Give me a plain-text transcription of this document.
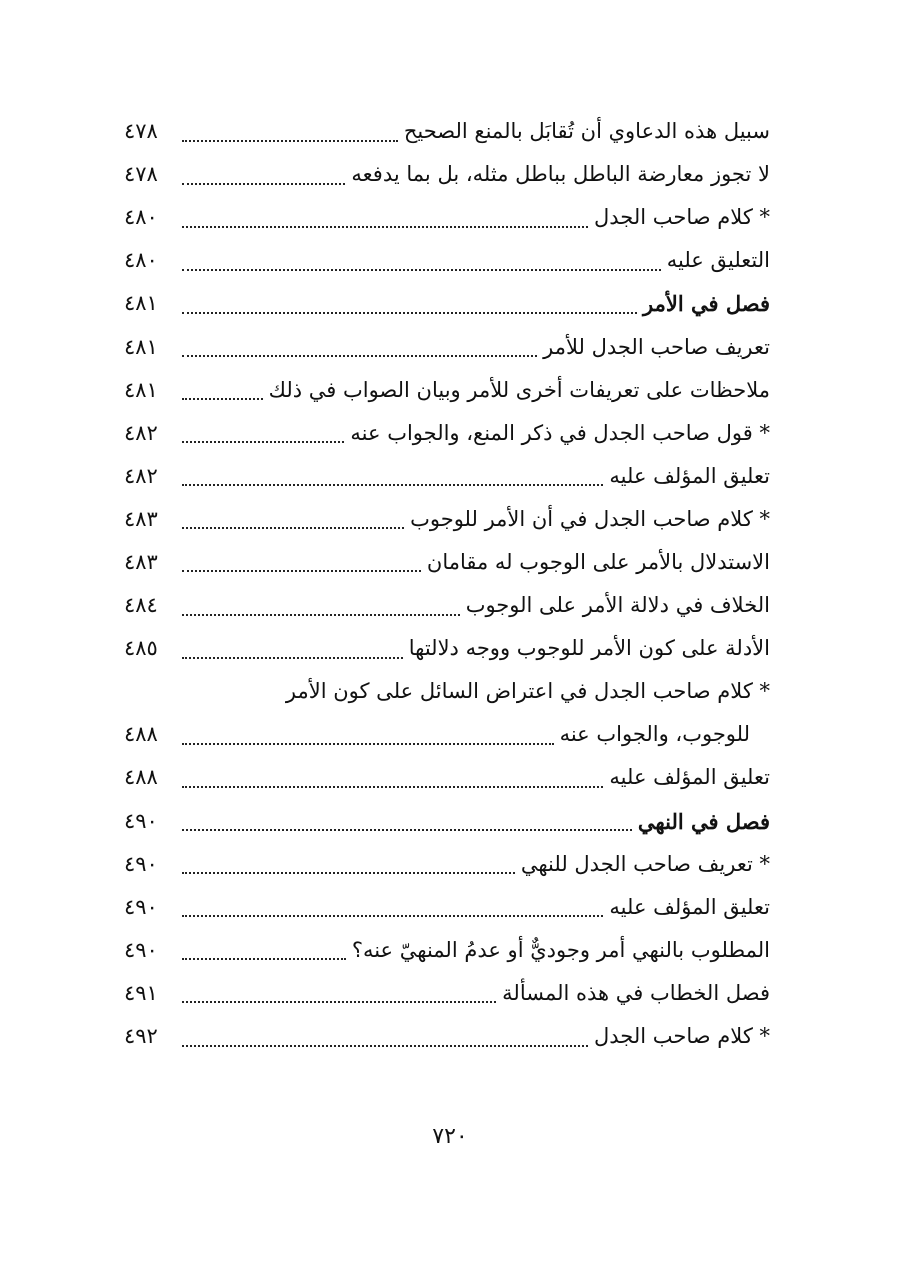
سبيل هذه الدعاوي أن تُقابَل بالمنع الصحيح
٤٧٨
لا تجوز معارضة الباطل بباطل مثله، بل بما يدفعه
٤٧٨
* كلام صاحب الجدل
٤٨٠
التعليق عليه
٤٨٠
فصل في الأمر
٤٨١
تعريف صاحب الجدل للأمر
٤٨١
ملاحظات على تعريفات أخرى للأمر وبيان الصواب في ذلك
٤٨١
* قول صاحب الجدل في ذكر المنع، والجواب عنه
٤٨٢
تعليق المؤلف عليه
٤٨٢
* كلام صاحب الجدل في أن الأمر للوجوب
٤٨٣
الاستدلال بالأمر على الوجوب له مقامان
٤٨٣
الخلاف في دلالة الأمر على الوجوب
٤٨٤
الأدلة على كون الأمر للوجوب ووجه دلالتها
٤٨٥
* كلام صاحب الجدل في اعتراض السائل على كون الأمر
للوجوب، والجواب عنه
٤٨٨
تعليق المؤلف عليه
٤٨٨
فصل في النهي
٤٩٠
* تعريف صاحب الجدل للنهي
٤٩٠
تعليق المؤلف عليه
٤٩٠
المطلوب بالنهي أمر وجوديٌّ أو عدمُ المنهيّ عنه؟
٤٩٠
فصل الخطاب في هذه المسألة
٤٩١
* كلام صاحب الجدل
٤٩٢
٧٢٠
